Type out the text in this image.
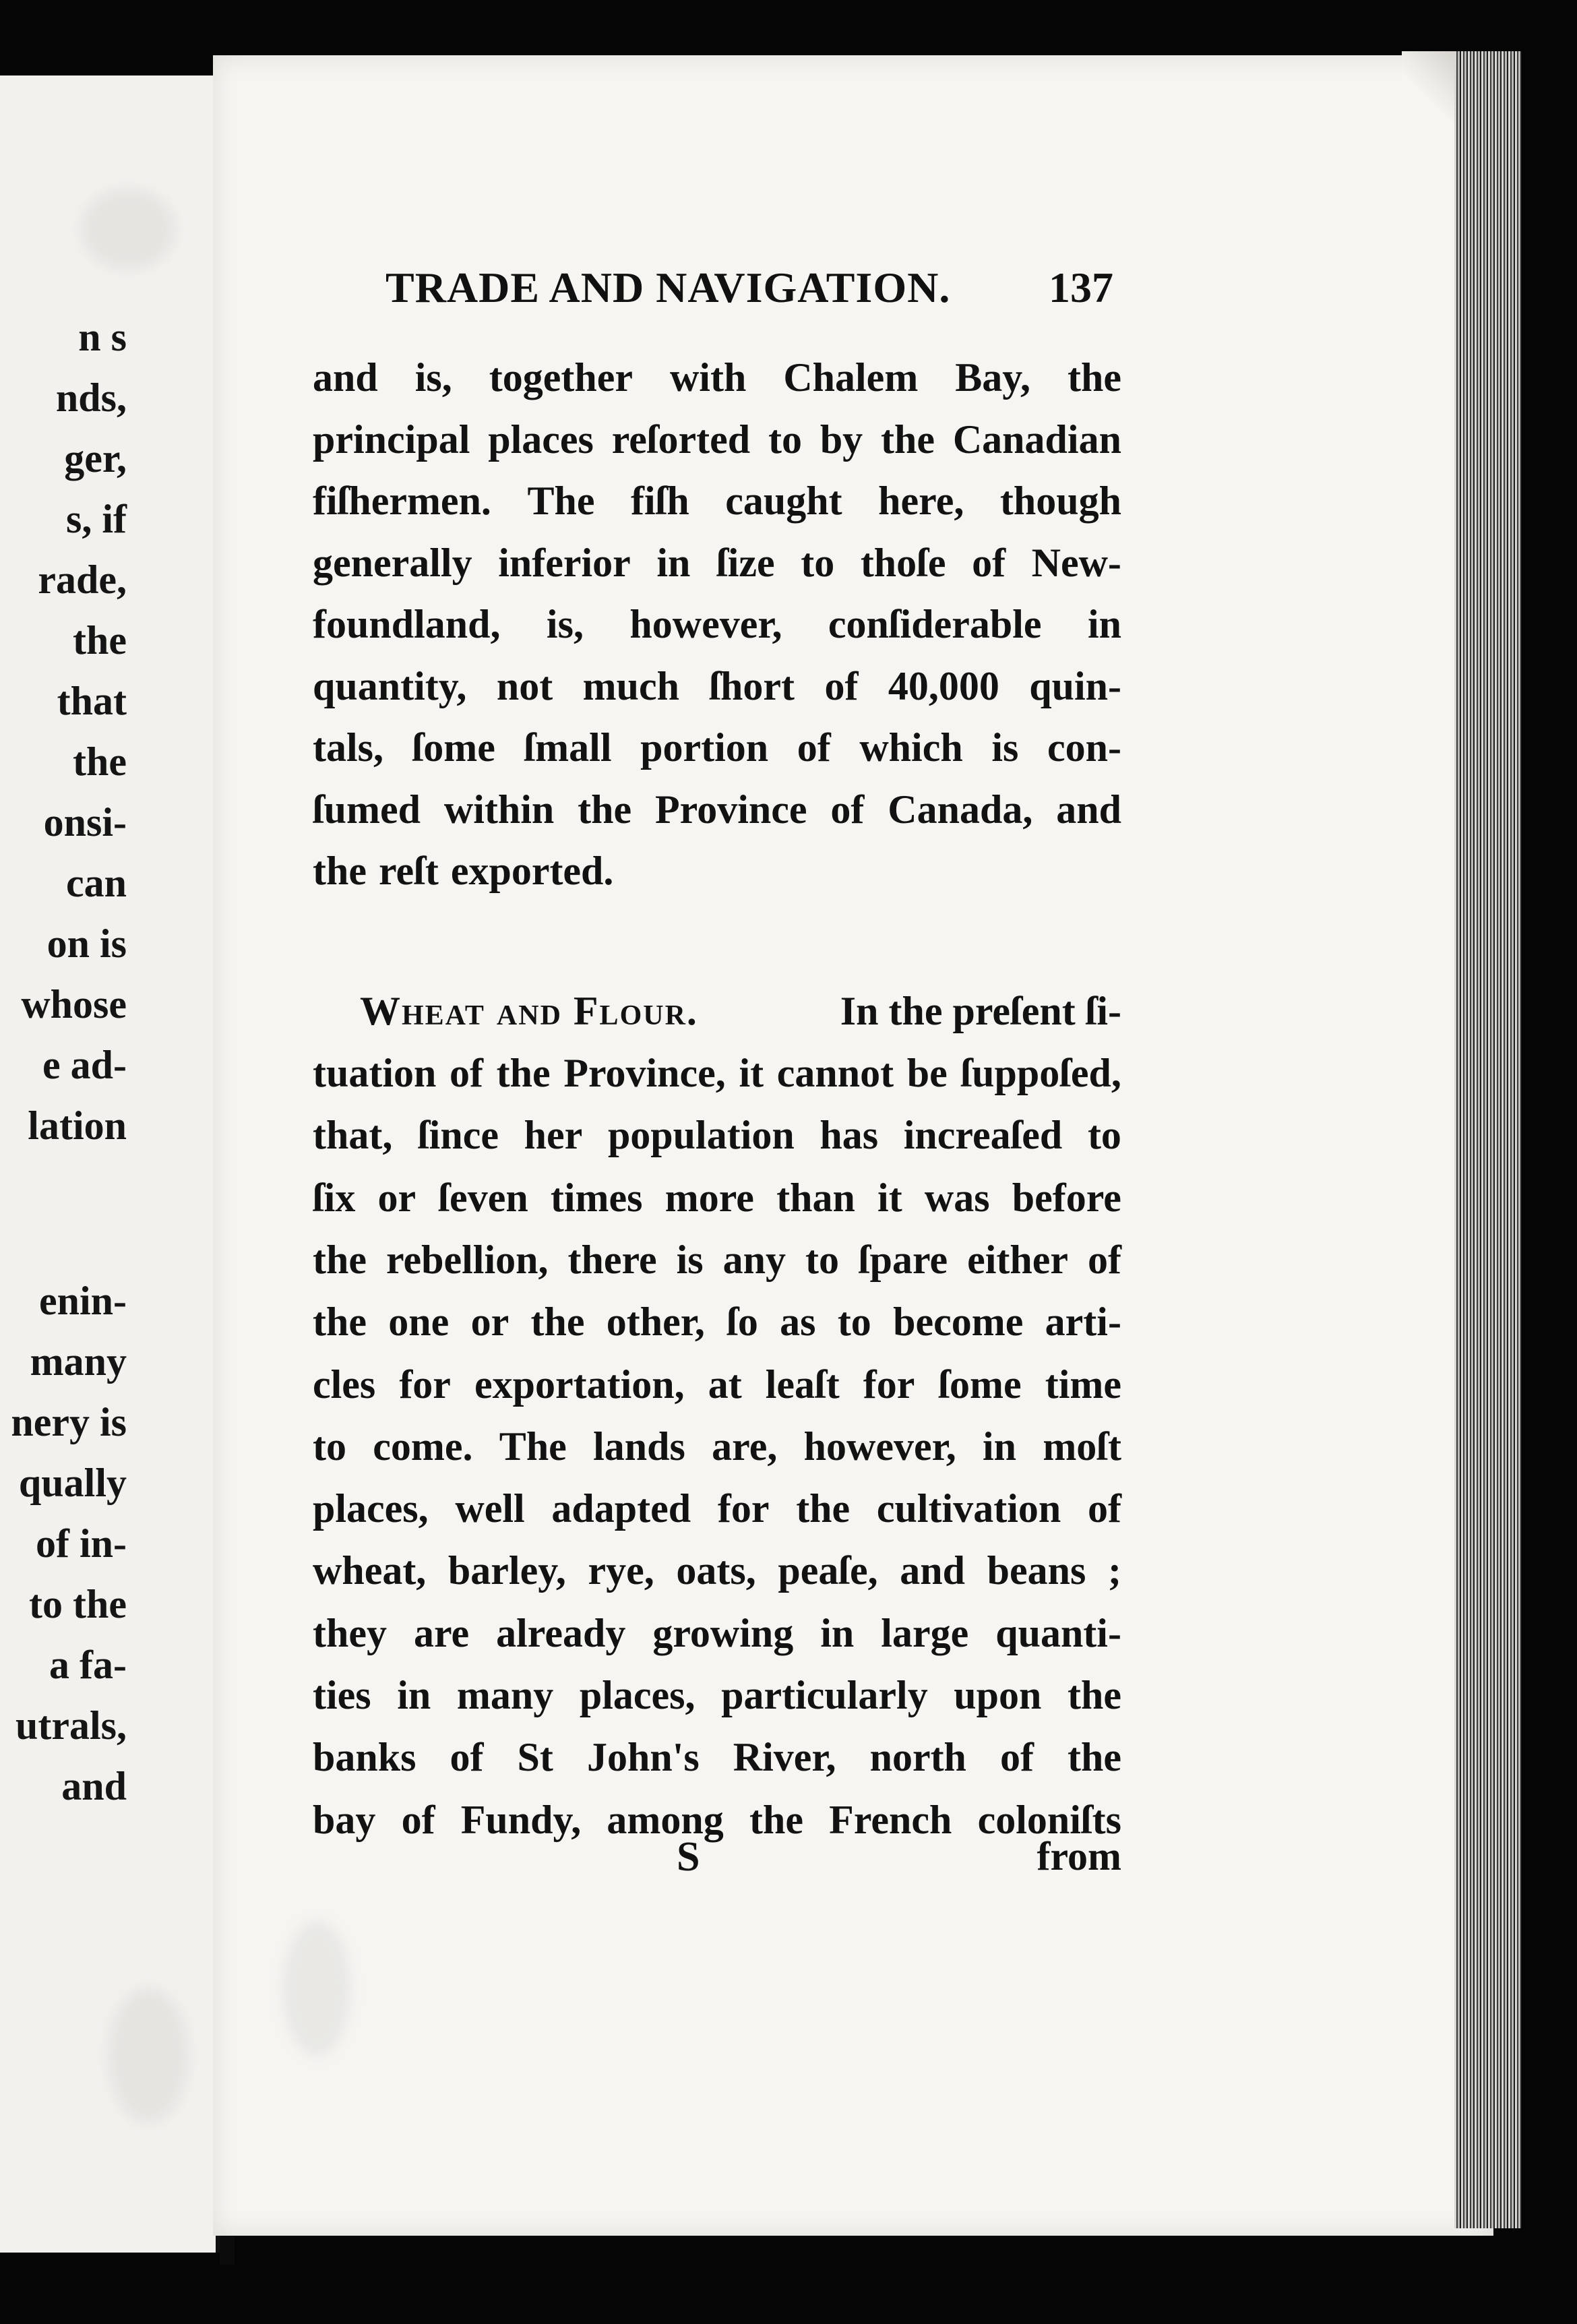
n s
nds,
ger,
s, if
rade,
the
that
the
onsi-
can
on is
whose
e ad-
lation
enin-
many
nery is
qually
of in-
to the
a fa-
utrals,
and
TRADE AND NAVIGATION. 137
and is, together with Chalem Bay, the
principal places reſorted to by the Canadian
fiſhermen. The fiſh caught here, though
generally inferior in ſize to thoſe of New-
foundland, is, however, conſiderable in
quantity, not much ſhort of 40,000 quin-
tals, ſome ſmall portion of which is con-
ſumed within the Province of Canada, and
the reſt exported.
Wheat and Flour.	In the preſent ſi-
tuation of the Province, it cannot be ſuppoſed,
that, ſince her population has increaſed to
ſix or ſeven times more than it was before
the rebellion, there is any to ſpare either of
the one or the other, ſo as to become arti-
cles for exportation, at leaſt for ſome time
to come. The lands are, however, in moſt
places, well adapted for the cultivation of
wheat, barley, rye, oats, peaſe, and beans ;
they are already growing in large quanti-
ties in many places, particularly upon the
banks of St John's River, north of the
bay of Fundy, among the French coloniſts
S	from
